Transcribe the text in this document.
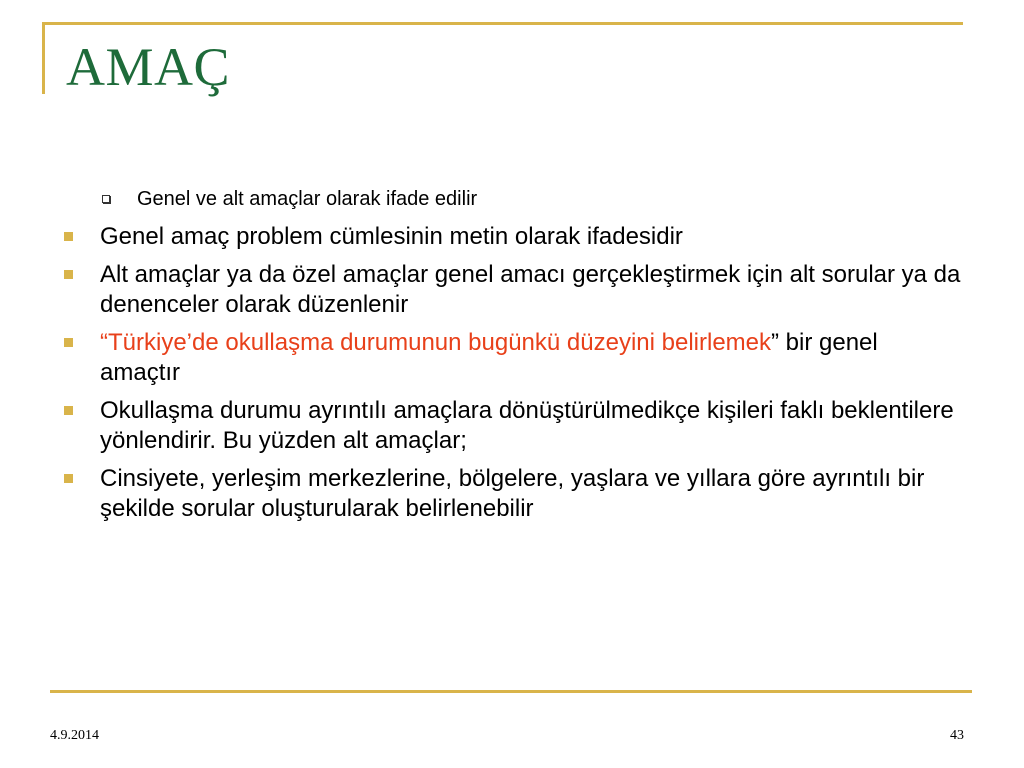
AMAÇ
Genel ve alt amaçlar olarak ifade edilir
Genel amaç problem cümlesinin metin olarak ifadesidir
Alt amaçlar ya da özel amaçlar genel amacı gerçekleştirmek için alt sorular ya da denenceler olarak düzenlenir
“Türkiye’de okullaşma durumunun bugünkü düzeyini belirlemek” bir genel amaçtır
Okullaşma durumu ayrıntılı amaçlara dönüştürülmedikçe kişileri faklı beklentilere yönlendirir. Bu yüzden alt amaçlar;
Cinsiyete, yerleşim merkezlerine, bölgelere, yaşlara ve yıllara göre ayrıntılı bir şekilde sorular oluşturularak belirlenebilir
4.9.2014	43
